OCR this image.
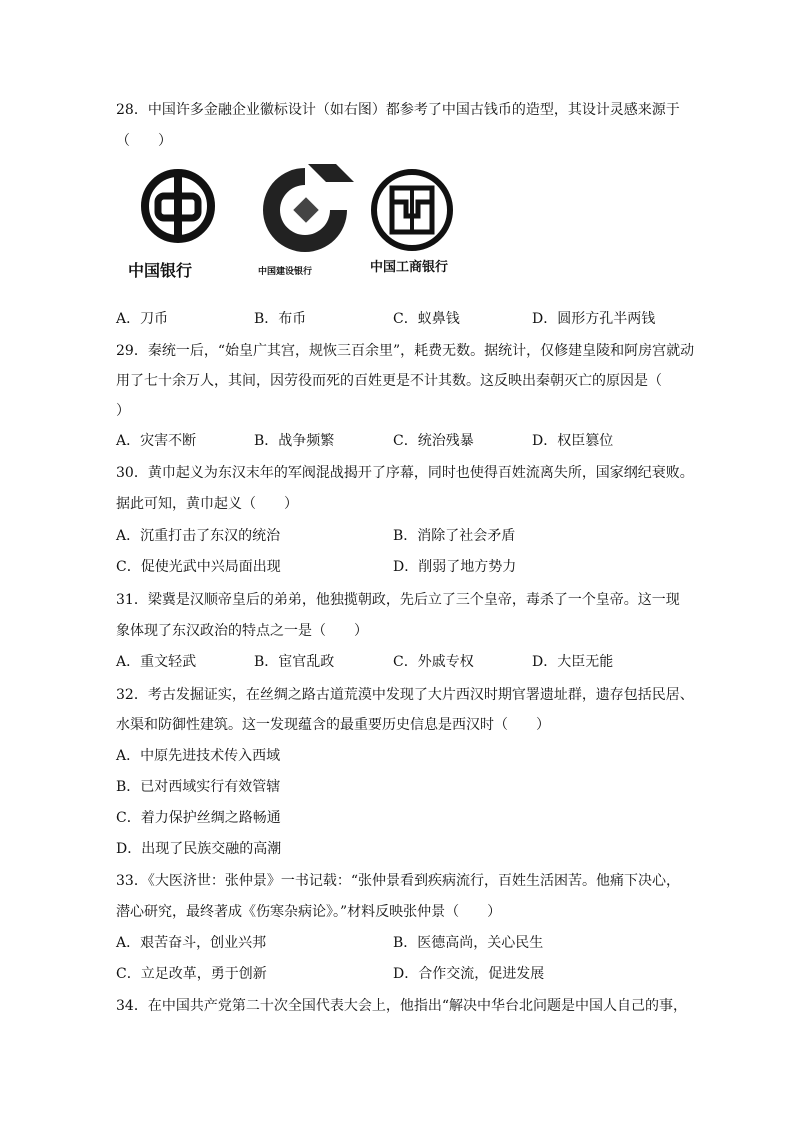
28．中国许多金融企业徽标设计（如右图）都参考了中国古钱币的造型，其设计灵感来源于
（　　）
中国银行	中国建设银行	中国工商银行
A．刀币	B．布币	C．蚁鼻钱	D．圆形方孔半两钱
29．秦统一后，“始皇广其宫，规恢三百余里”，耗费无数。据统计，仅修建皇陵和阿房宫就动
用了七十余万人，其间，因劳役而死的百姓更是不计其数。这反映出秦朝灭亡的原因是（
）
A．灾害不断	B．战争频繁	C．统治残暴	D．权臣篡位
30．黄巾起义为东汉末年的军阀混战揭开了序幕，同时也使得百姓流离失所，国家纲纪衰败。
据此可知，黄巾起义（　　）
A．沉重打击了东汉的统治	B．消除了社会矛盾
C．促使光武中兴局面出现	D．削弱了地方势力
31．梁冀是汉顺帝皇后的弟弟，他独揽朝政，先后立了三个皇帝，毒杀了一个皇帝。这一现
象体现了东汉政治的特点之一是（　　）
A．重文轻武	B．宦官乱政	C．外戚专权	D．大臣无能
32．考古发掘证实，在丝绸之路古道荒漠中发现了大片西汉时期官署遗址群，遗存包括民居、
水渠和防御性建筑。这一发现蕴含的最重要历史信息是西汉时（　　）
A．中原先进技术传入西域
B．已对西域实行有效管辖
C．着力保护丝绸之路畅通
D．出现了民族交融的高潮
33．《大医济世：张仲景》一书记载：“张仲景看到疾病流行，百姓生活困苦。他痛下决心，
潜心研究，最终著成《伤寒杂病论》。”材料反映张仲景（　　）
A．艰苦奋斗，创业兴邦	B．医德高尚，关心民生
C．立足改革，勇于创新	D．合作交流，促进发展
34．在中国共产党第二十次全国代表大会上，他指出“解决中华台北问题是中国人自己的事，
